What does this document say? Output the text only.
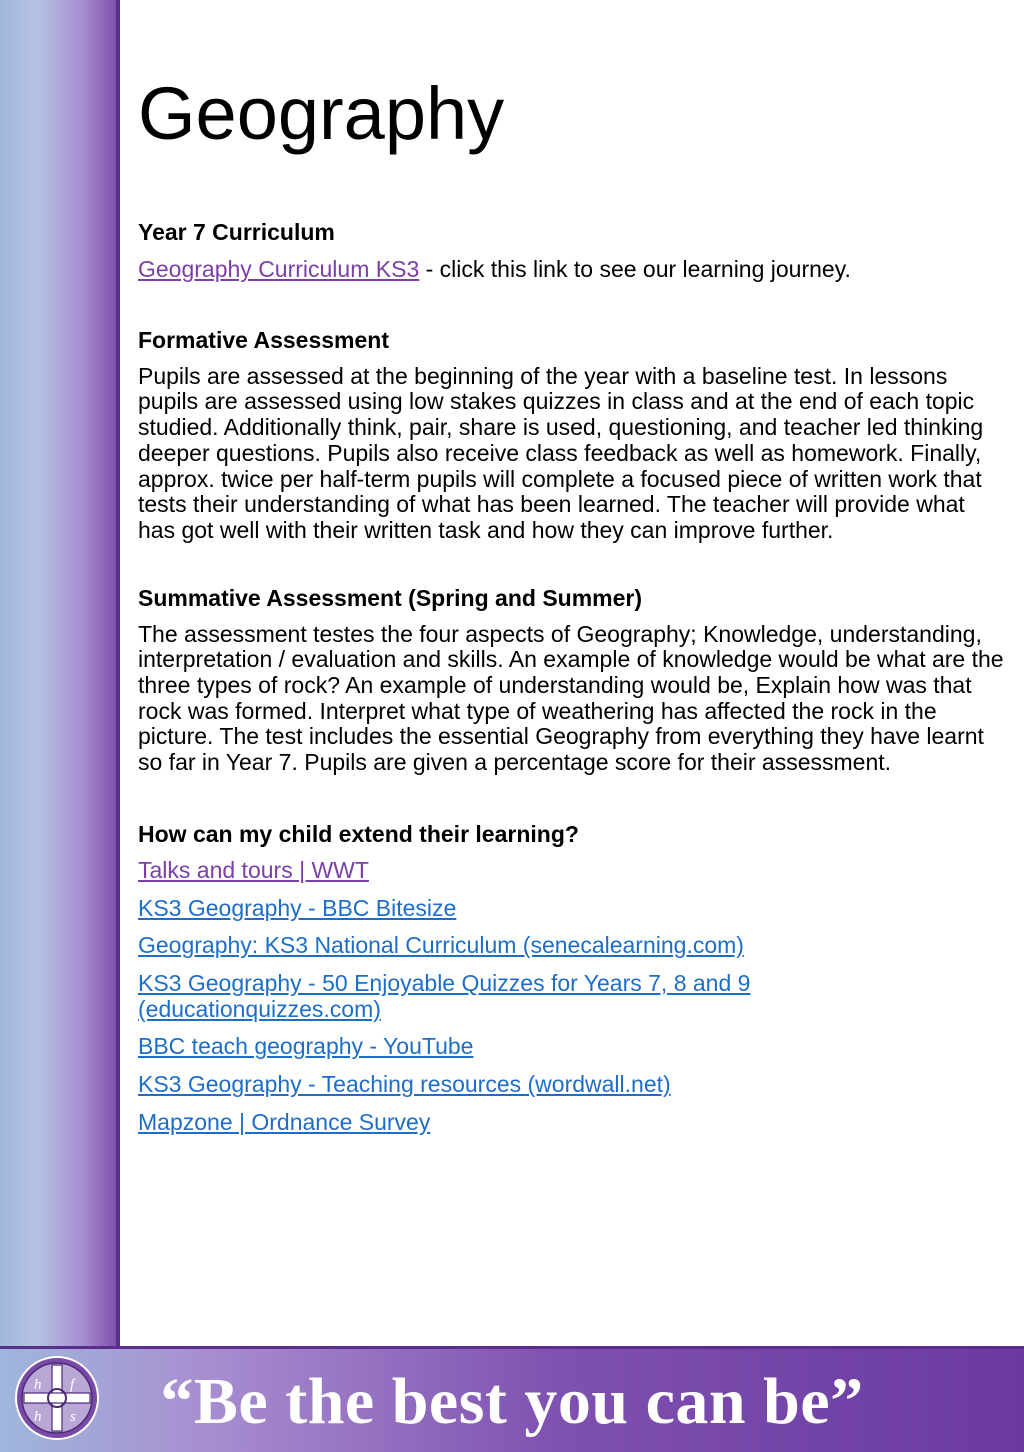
Geography

Year 7 Curriculum

Geography Curriculum KS3 - click this link to see our learning journey.

Formative Assessment

Pupils are assessed at the beginning of the year with a baseline test. In lessons pupils are assessed using low stakes quizzes in class and at the end of each topic studied. Additionally think, pair, share is used, questioning, and teacher led thinking deeper questions. Pupils also receive class feedback as well as homework. Finally, approx. twice per half-term pupils will complete a focused piece of written work that tests their understanding of what has been learned. The teacher will provide what has got well with their written task and how they can improve further.

Summative Assessment (Spring and Summer)

The assessment testes the four aspects of Geography; Knowledge, understanding, interpretation / evaluation and skills. An example of knowledge would be what are the three types of rock? An example of understanding would be, Explain how was that rock was formed. Interpret what type of weathering has affected the rock in the picture. The test includes the essential Geography from everything they have learnt so far in Year 7. Pupils are given a percentage score for their assessment.

How can my child extend their learning?

Talks and tours | WWT
KS3 Geography - BBC Bitesize
Geography: KS3 National Curriculum (senecalearning.com)
KS3 Geography - 50 Enjoyable Quizzes for Years 7, 8 and 9 (educationquizzes.com)
BBC teach geography - YouTube
KS3 Geography - Teaching resources (wordwall.net)
Mapzone | Ordnance Survey
h f
h s	“Be the best you can be”
